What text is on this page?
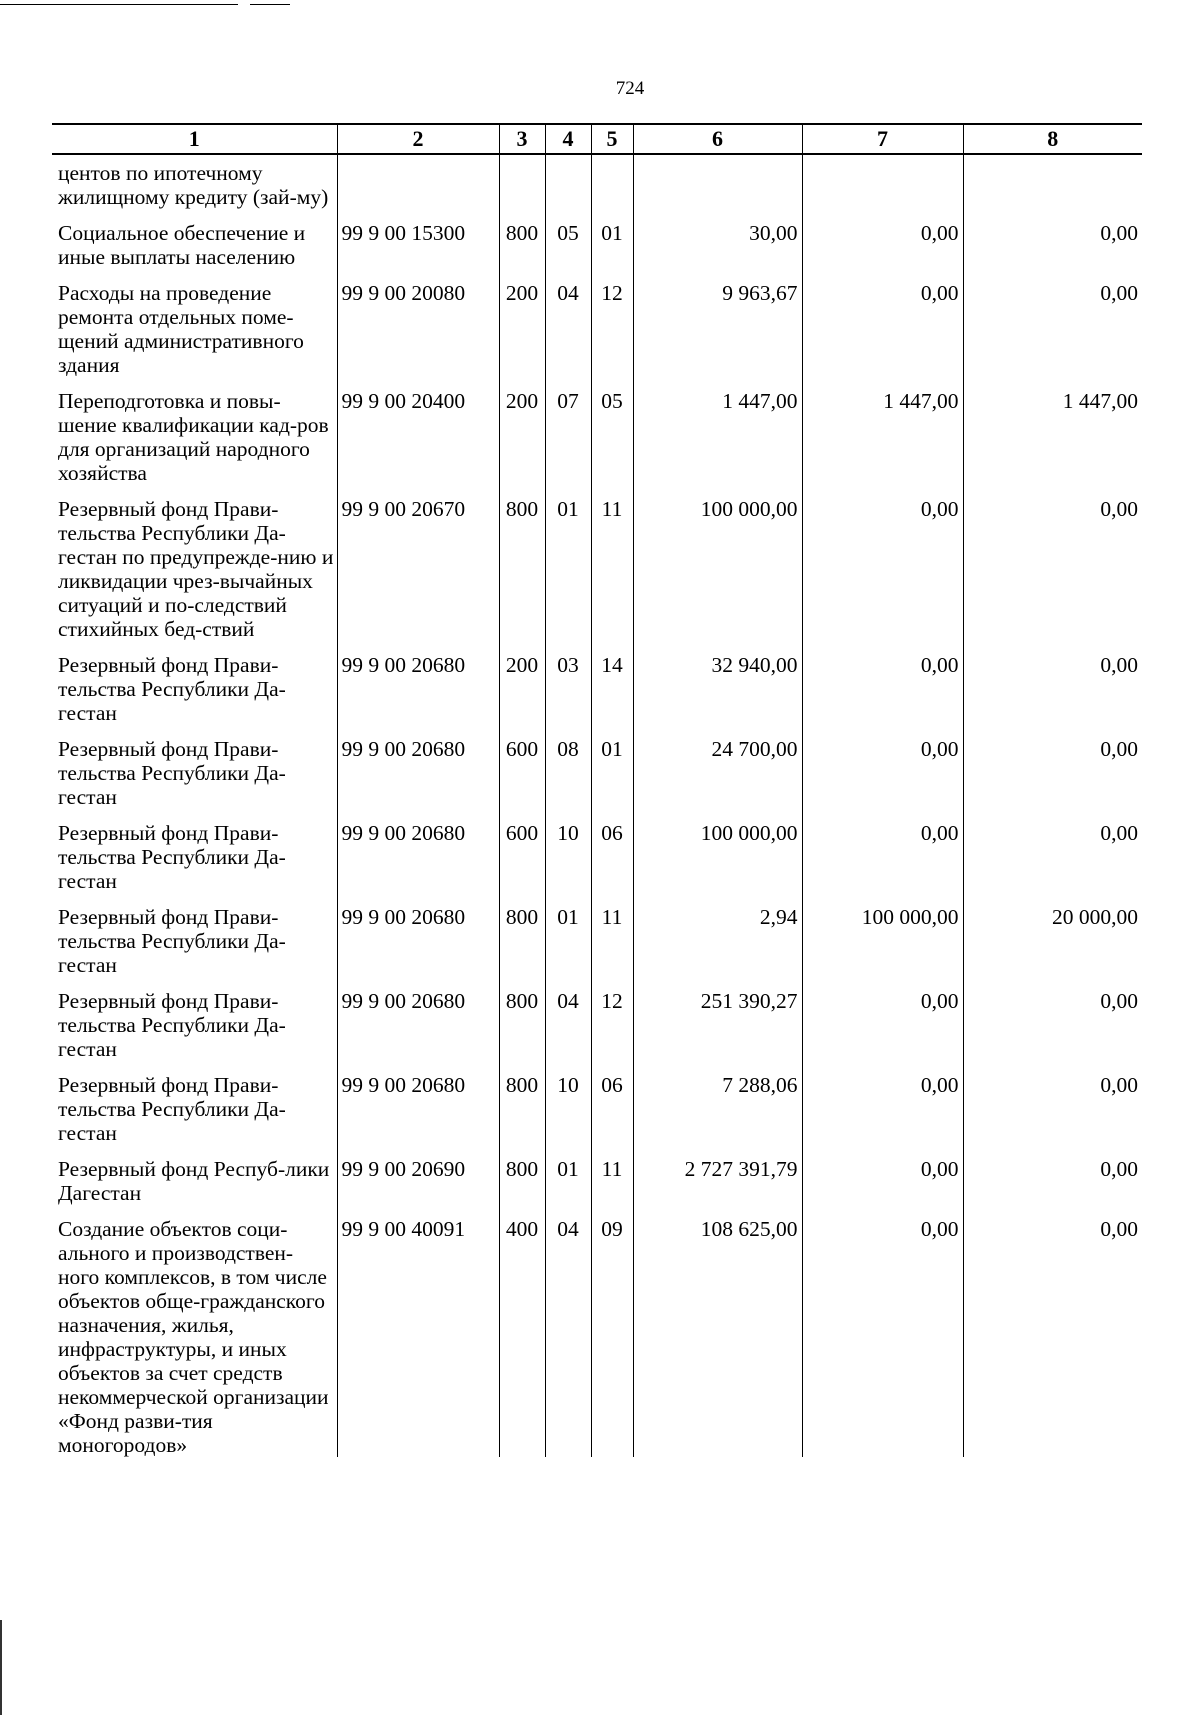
724
1	2	3	4	5	6	7	8
центов по ипотечному жилищному кредиту (зай-му)							
Социальное обеспечение и иные выплаты населению	99 9 00 15300	800	05	01	30,00	0,00	0,00
Расходы на проведение ремонта отдельных поме-щений административного здания	99 9 00 20080	200	04	12	9 963,67	0,00	0,00
Переподготовка и повы-шение квалификации кад-ров для организаций народного хозяйства	99 9 00 20400	200	07	05	1 447,00	1 447,00	1 447,00
Резервный фонд Прави-тельства Республики Да-гестан по предупрежде-нию и ликвидации чрез-вычайных ситуаций и по-следствий стихийных бед-ствий	99 9 00 20670	800	01	11	100 000,00	0,00	0,00
Резервный фонд Прави-тельства Республики Да-гестан	99 9 00 20680	200	03	14	32 940,00	0,00	0,00
Резервный фонд Прави-тельства Республики Да-гестан	99 9 00 20680	600	08	01	24 700,00	0,00	0,00
Резервный фонд Прави-тельства Республики Да-гестан	99 9 00 20680	600	10	06	100 000,00	0,00	0,00
Резервный фонд Прави-тельства Республики Да-гестан	99 9 00 20680	800	01	11	2,94	100 000,00	20 000,00
Резервный фонд Прави-тельства Республики Да-гестан	99 9 00 20680	800	04	12	251 390,27	0,00	0,00
Резервный фонд Прави-тельства Республики Да-гестан	99 9 00 20680	800	10	06	7 288,06	0,00	0,00
Резервный фонд Респуб-лики Дагестан	99 9 00 20690	800	01	11	2 727 391,79	0,00	0,00
Создание объектов соци-ального и производствен-ного комплексов, в том числе объектов обще-гражданского назначения, жилья, инфраструктуры, и иных объектов за счет средств некоммерческой организации «Фонд разви-тия моногородов»	99 9 00 40091	400	04	09	108 625,00	0,00	0,00
